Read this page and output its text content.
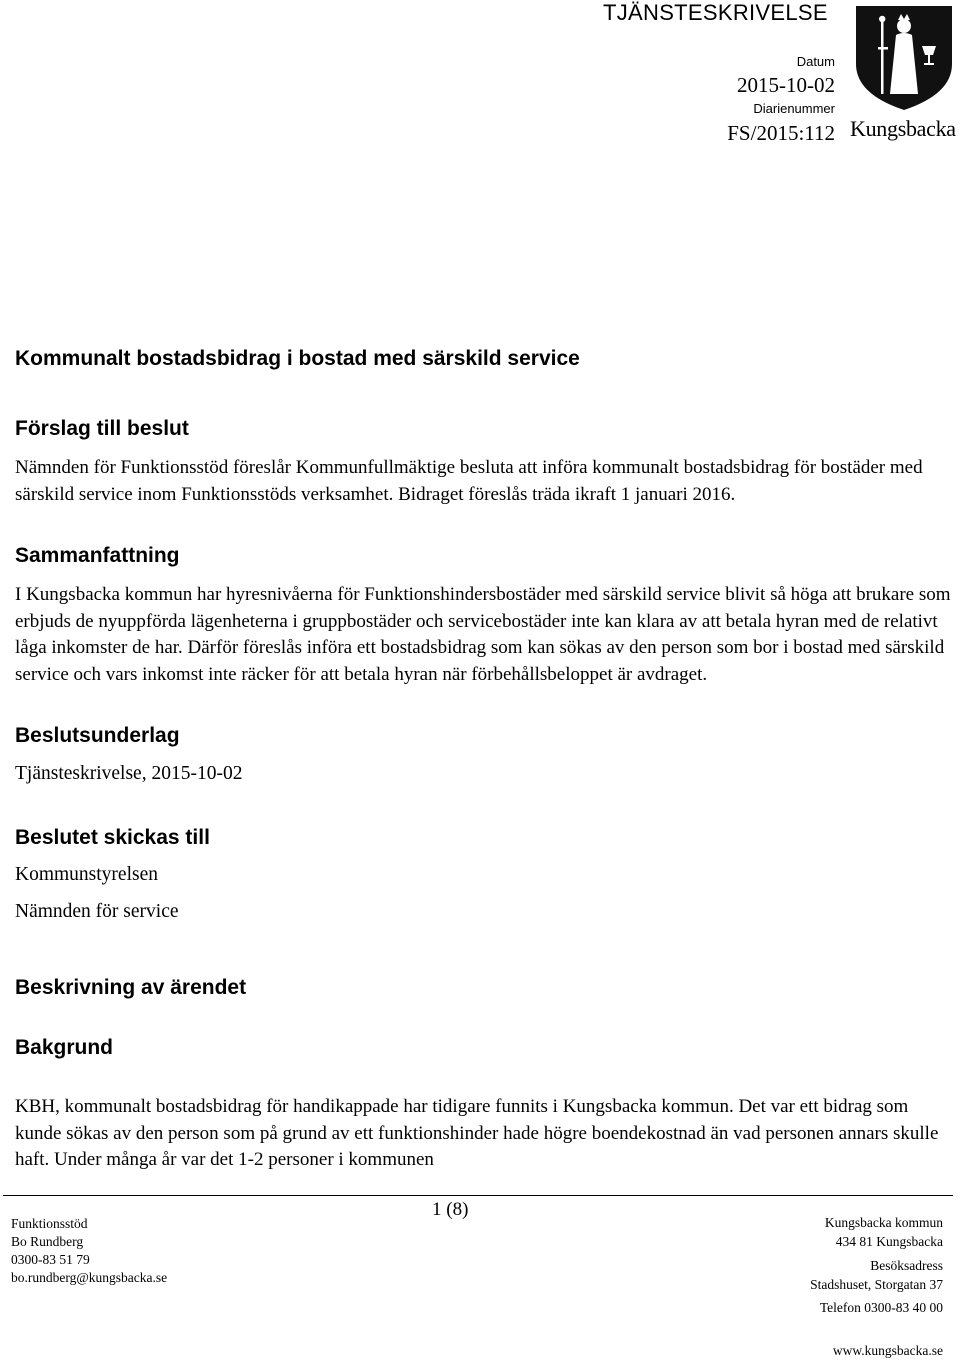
TJÄNSTESKRIVELSE
Datum
2015-10-02
Diarienummer
FS/2015:112 Kungsbacka
Kommunalt bostadsbidrag i bostad med särskild service
Förslag till beslut
Nämnden för Funktionsstöd föreslår Kommunfullmäktige besluta att införa kommunalt bostadsbidrag för bostäder med särskild service inom Funktionsstöds verksamhet. Bidraget föreslås träda ikraft 1 januari 2016.
Sammanfattning
I Kungsbacka kommun har hyresnivåerna för Funktionshindersbostäder med särskild service blivit så höga att brukare som erbjuds de nyuppförda lägenheterna i gruppbostäder och servicebostäder inte kan klara av att betala hyran med de relativt låga inkomster de har. Därför föreslås införa ett bostadsbidrag som kan sökas av den person som bor i bostad med särskild service och vars inkomst inte räcker för att betala hyran när förbehållsbeloppet är avdraget.
Beslutsunderlag
Tjänsteskrivelse, 2015-10-02
Beslutet skickas till
Kommunstyrelsen
Nämnden för service
Beskrivning av ärendet
Bakgrund
KBH, kommunalt bostadsbidrag för handikappade har tidigare funnits i Kungsbacka kommun. Det var ett bidrag som kunde sökas av den person som på grund av ett funktionshinder hade högre boendekostnad än vad personen annars skulle haft. Under många år var det 1-2 personer i kommunen
Funktionsstöd
Bo Rundberg
0300-83 51 79
bo.rundberg@kungsbacka.se
1 (8)
Kungsbacka kommun
434 81 Kungsbacka
Besöksadress
Stadshuset, Storgatan 37
Telefon 0300-83 40 00
www.kungsbacka.se
